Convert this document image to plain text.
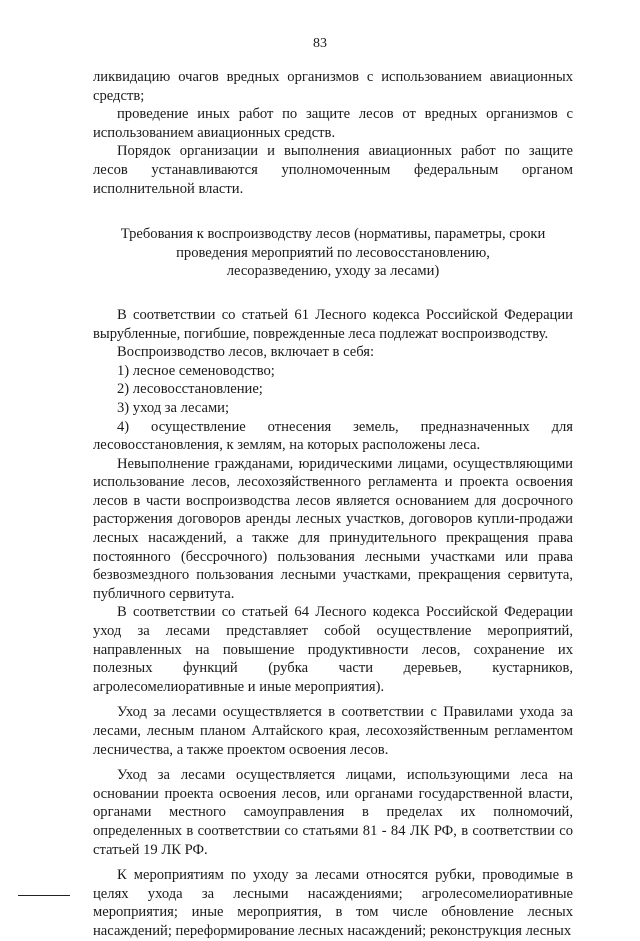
83

ликвидацию очагов вредных организмов с использованием авиационных средств;

проведение иных работ по защите лесов от вредных организмов с использованием авиационных средств.

Порядок организации и выполнения авиационных работ по защите лесов устанавливаются уполномоченным федеральным органом исполнительной власти.

Требования к воспроизводству лесов (нормативы, параметры, сроки
проведения мероприятий по лесовосстановлению,
лесоразведению, уходу за лесами)

В соответствии со статьей 61 Лесного кодекса Российской Федерации вырубленные, погибшие, поврежденные леса подлежат воспроизводству.

Воспроизводство лесов, включает в себя:

1) лесное семеноводство;

2) лесовосстановление;

3) уход за лесами;

4) осуществление отнесения земель, предназначенных для лесовосстановления, к землям, на которых расположены леса.

Невыполнение гражданами, юридическими лицами, осуществляющими использование лесов, лесохозяйственного регламента и проекта освоения лесов в части воспроизводства лесов является основанием для досрочного расторжения договоров аренды лесных участков, договоров купли-продажи лесных насаждений, а также для принудительного прекращения права постоянного (бессрочного) пользования лесными участками или права безвозмездного пользования лесными участками, прекращения сервитута, публичного сервитута.

В соответствии со статьей 64 Лесного кодекса Российской Федерации уход за лесами представляет собой осуществление мероприятий, направленных на повышение продуктивности лесов, сохранение их полезных функций (рубка части деревьев, кустарников, агролесомелиоративные и иные мероприятия).

Уход за лесами осуществляется в соответствии с Правилами ухода за лесами, лесным планом Алтайского края, лесохозяйственным регламентом лесничества, а также проектом освоения лесов.

Уход за лесами осуществляется лицами, использующими леса на основании проекта освоения лесов, или органами государственной власти, органами местного самоуправления в пределах их полномочий, определенных в соответствии со статьями 81 - 84 ЛК РФ, в соответствии со статьей 19 ЛК РФ.

К мероприятиям по уходу за лесами относятся рубки, проводимые в целях ухода за лесными насаждениями; агролесомелиоративные мероприятия; иные мероприятия, в том числе обновление лесных насаждений; переформирование лесных насаждений; реконструкция лесных
